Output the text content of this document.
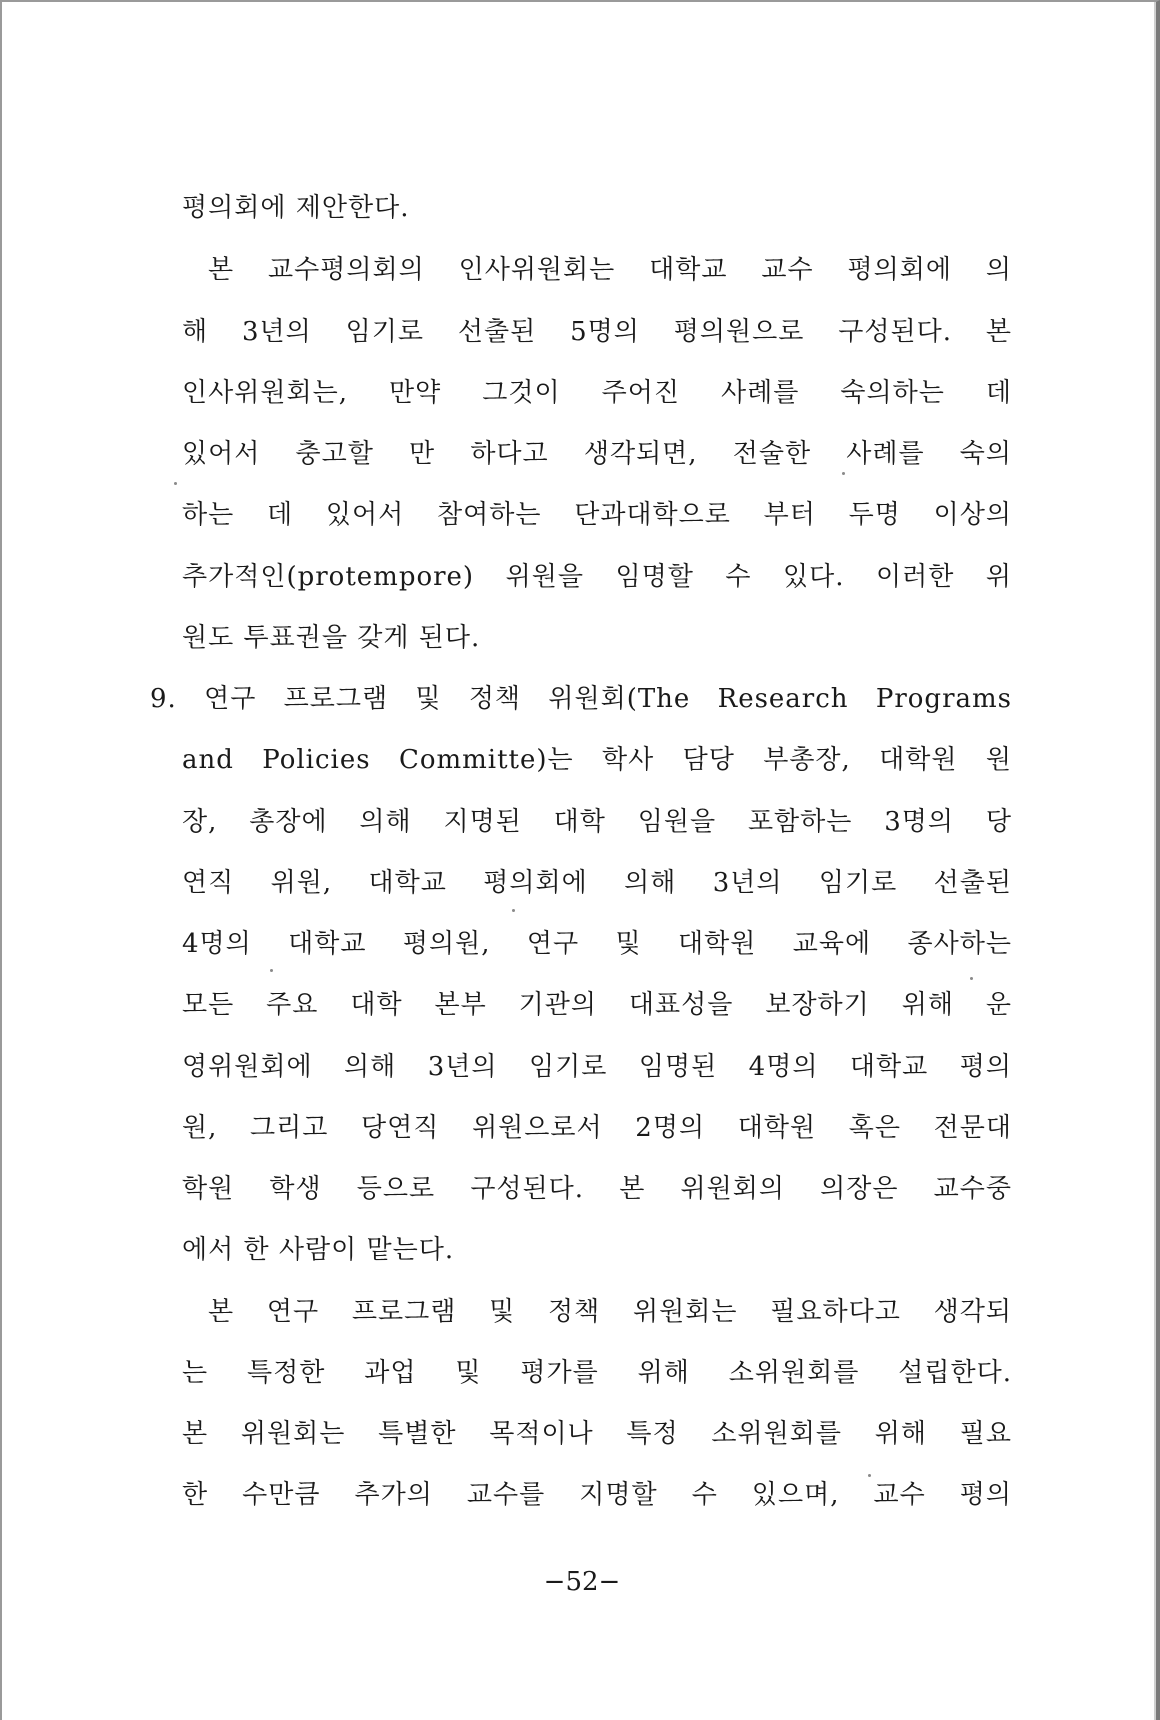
평의회에 제안한다.
본 교수평의회의 인사위원회는 대학교 교수 평의회에 의
해 3년의 임기로 선출된 5명의 평의원으로 구성된다. 본
인사위원회는, 만약 그것이 주어진 사례를 숙의하는 데
있어서 충고할 만 하다고 생각되면, 전술한 사례를 숙의
하는 데 있어서 참여하는 단과대학으로 부터 두명 이상의
추가적인(protempore) 위원을 임명할 수 있다. 이러한 위
원도 투표권을 갖게 된다.
9. 연구 프로그램 및 정책 위원회(The Research Programs
and Policies Committe)는 학사 담당 부총장, 대학원 원
장, 총장에 의해 지명된 대학 임원을 포함하는 3명의 당
연직 위원, 대학교 평의회에 의해 3년의 임기로 선출된
4명의 대학교 평의원, 연구 및 대학원 교육에 종사하는
모든 주요 대학 본부 기관의 대표성을 보장하기 위해 운
영위원회에 의해 3년의 임기로 임명된 4명의 대학교 평의
원, 그리고 당연직 위원으로서 2명의 대학원 혹은 전문대
학원 학생 등으로 구성된다. 본 위원회의 의장은 교수중
에서 한 사람이 맡는다.
본 연구 프로그램 및 정책 위원회는 필요하다고 생각되
는 특정한 과업 및 평가를 위해 소위원회를 설립한다.
본 위원회는 특별한 목적이나 특정 소위원회를 위해 필요
한 수만큼 추가의 교수를 지명할 수 있으며, 교수 평의
−52−
